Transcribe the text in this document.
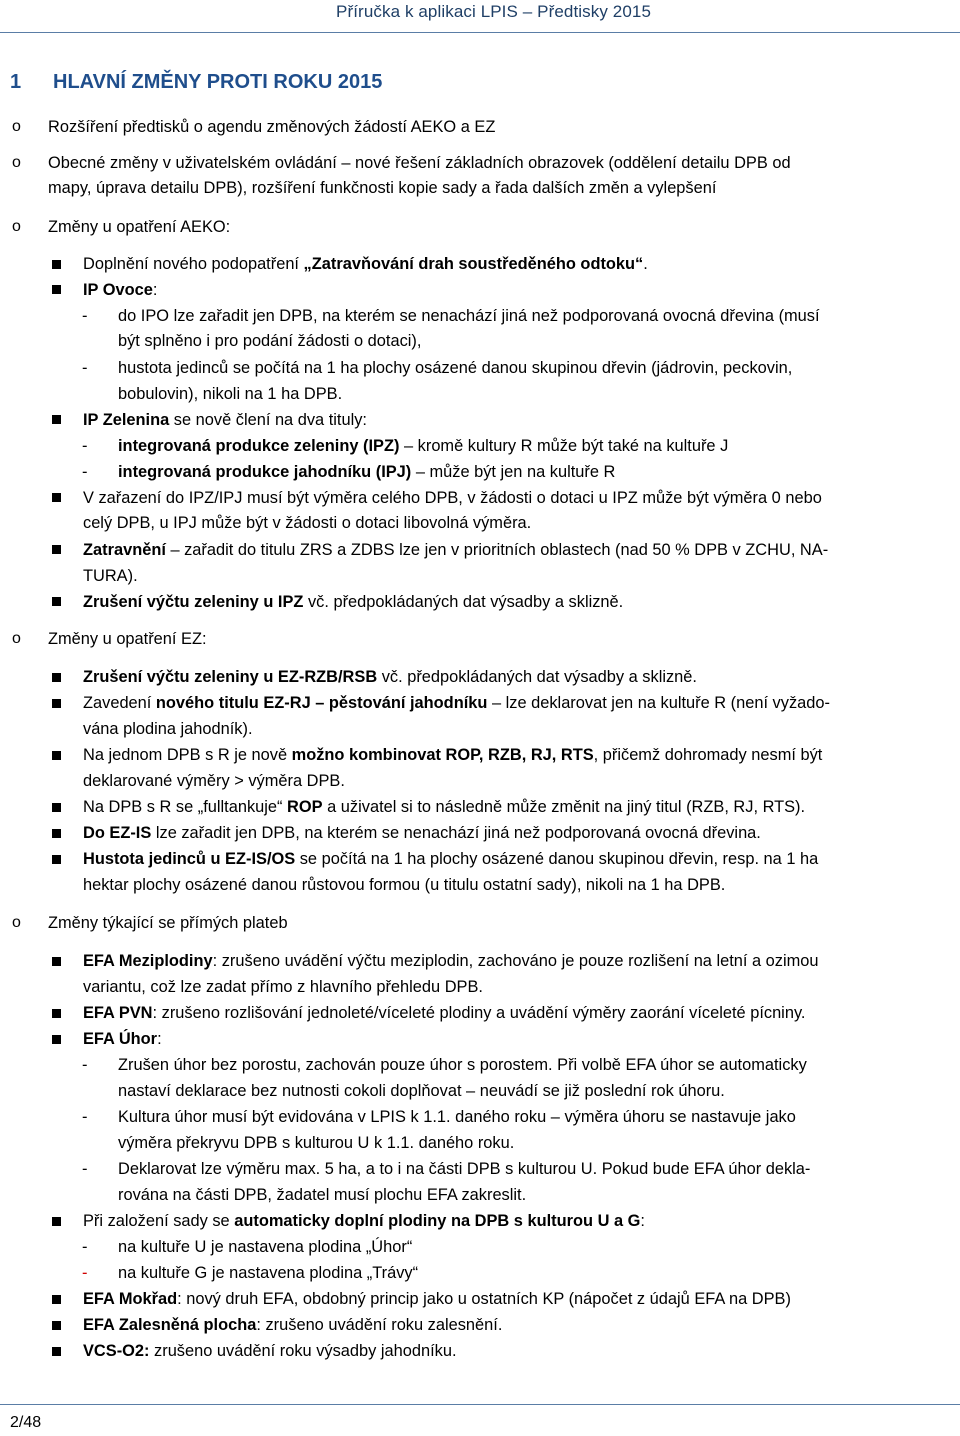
Příručka k aplikaci LPIS – Předtisky 2015
1 HLAVNÍ ZMĚNY PROTI ROKU 2015
o Rozšíření předtisků o agendu změnových žádostí AEKO a EZ
o Obecné změny v uživatelském ovládání – nové řešení základních obrazovek (oddělení detailu DPB od
mapy, úprava detailu DPB), rozšíření funkčnosti kopie sady a řada dalších změn a vylepšení
o Změny u opatření AEKO:
Doplnění nového podopatření „Zatravňování drah soustředěného odtoku“.
IP Ovoce:
- do IPO lze zařadit jen DPB, na kterém se nenachází jiná než podporovaná ovocná dřevina (musí
být splněno i pro podání žádosti o dotaci),
- hustota jedinců se počítá na 1 ha plochy osázené danou skupinou dřevin (jádrovin, peckovin,
bobulovin), nikoli na 1 ha DPB.
IP Zelenina se nově člení na dva tituly:
- integrovaná produkce zeleniny (IPZ) – kromě kultury R může být také na kultuře J
- integrovaná produkce jahodníku (IPJ) – může být jen na kultuře R
V zařazení do IPZ/IPJ musí být výměra celého DPB, v žádosti o dotaci u IPZ může být výměra 0 nebo
celý DPB, u IPJ může být v žádosti o dotaci libovolná výměra.
Zatravnění – zařadit do titulu ZRS a ZDBS lze jen v prioritních oblastech (nad 50 % DPB v ZCHU, NA-
TURA).
Zrušení výčtu zeleniny u IPZ vč. předpokládaných dat výsadby a sklizně.
o Změny u opatření EZ:
Zrušení výčtu zeleniny u EZ-RZB/RSB vč. předpokládaných dat výsadby a sklizně.
Zavedení nového titulu EZ-RJ – pěstování jahodníku – lze deklarovat jen na kultuře R (není vyžado-
vána plodina jahodník).
Na jednom DPB s R je nově možno kombinovat ROP, RZB, RJ, RTS, přičemž dohromady nesmí být
deklarované výměry > výměra DPB.
Na DPB s R se „fulltankuje“ ROP a uživatel si to následně může změnit na jiný titul (RZB, RJ, RTS).
Do EZ-IS lze zařadit jen DPB, na kterém se nenachází jiná než podporovaná ovocná dřevina.
Hustota jedinců u EZ-IS/OS se počítá na 1 ha plochy osázené danou skupinou dřevin, resp. na 1 ha
hektar plochy osázené danou růstovou formou (u titulu ostatní sady), nikoli na 1 ha DPB.
o Změny týkající se přímých plateb
EFA Meziplodiny: zrušeno uvádění výčtu meziplodin, zachováno je pouze rozlišení na letní a ozimou
variantu, což lze zadat přímo z hlavního přehledu DPB.
EFA PVN: zrušeno rozlišování jednoleté/víceleté plodiny a uvádění výměry zaorání víceleté pícniny.
EFA Úhor:
- Zrušen úhor bez porostu, zachován pouze úhor s porostem. Při volbě EFA úhor se automaticky
nastaví deklarace bez nutnosti cokoli doplňovat – neuvádí se již poslední rok úhoru.
- Kultura úhor musí být evidována v LPIS k 1.1. daného roku – výměra úhoru se nastavuje jako
výměra překryvu DPB s kulturou U k 1.1. daného roku.
- Deklarovat lze výměru max. 5 ha, a to i na části DPB s kulturou U. Pokud bude EFA úhor dekla-
rována na části DPB, žadatel musí plochu EFA zakreslit.
Při založení sady se automaticky doplní plodiny na DPB s kulturou U a G:
- na kultuře U je nastavena plodina „Úhor“
- na kultuře G je nastavena plodina „Trávy“
EFA Mokřad: nový druh EFA, obdobný princip jako u ostatních KP (nápočet z údajů EFA na DPB)
EFA Zalesněná plocha: zrušeno uvádění roku zalesnění.
VCS-O2: zrušeno uvádění roku výsadby jahodníku.
2/48
